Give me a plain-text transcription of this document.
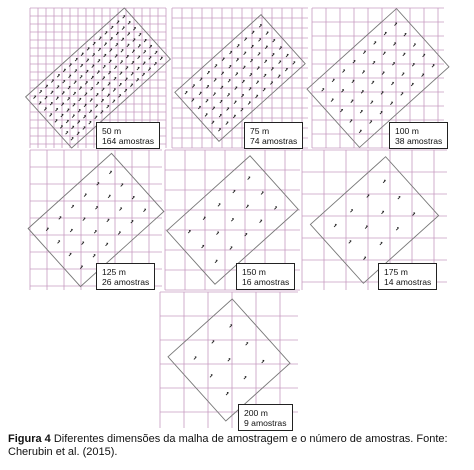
50 m
164 amostras
75 m
74 amostras
100 m
38 amostras
125 m
26 amostras
150 m
16 amostras
175 m
14 amostras
200 m
9 amostras
Figura 4 Diferentes dimensões da malha de amostragem e o número de amostras. Fonte: Cherubin et al. (2015).
